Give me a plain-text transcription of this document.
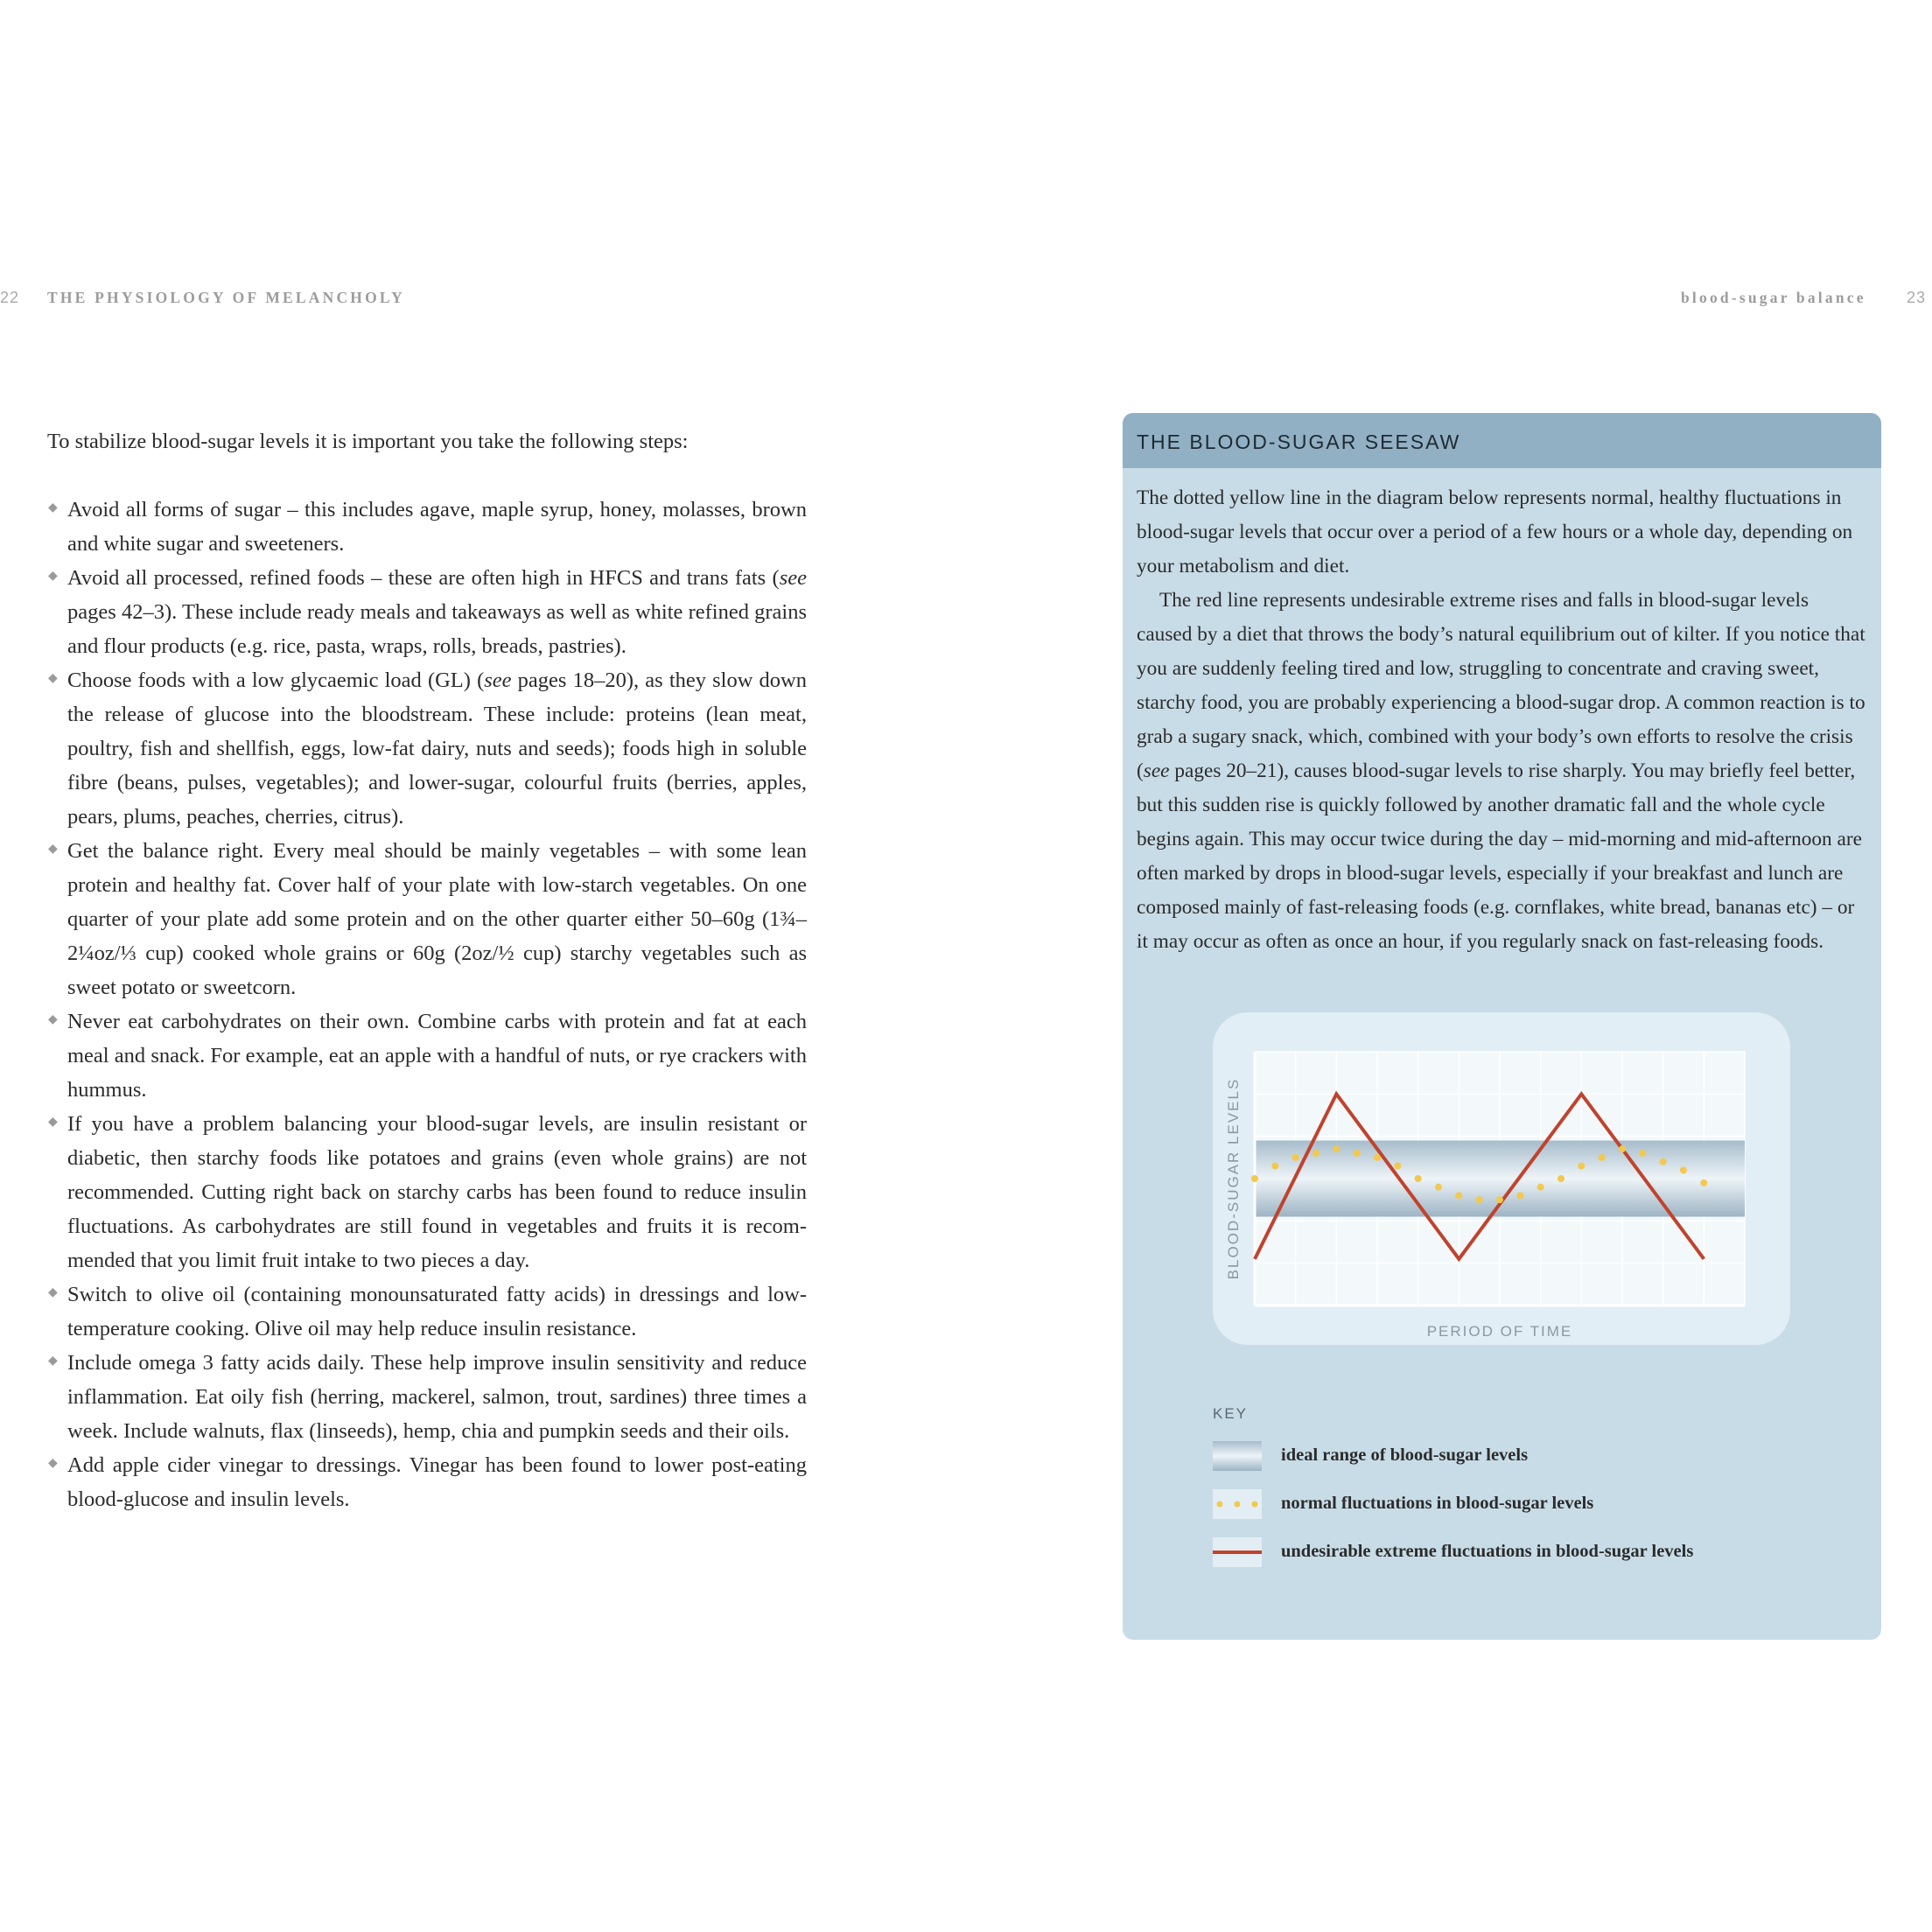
22 THE PHYSIOLOGY OF MELANCHOLY	blood-sugar balance	23

To stabilize blood-sugar levels it is important you take the following steps:

◆ Avoid all forms of sugar – this includes agave, maple syrup, honey, molasses, brown and white sugar and sweeteners.
◆ Avoid all processed, refined foods – these are often high in HFCS and trans fats (see pages 42–3). These include ready meals and takeaways as well as white refined grains and flour products (e.g. rice, pasta, wraps, rolls, breads, pastries).
◆ Choose foods with a low glycaemic load (GL) (see pages 18–20), as they slow down the release of glucose into the bloodstream. These include: proteins (lean meat, poultry, fish and shellfish, eggs, low-fat dairy, nuts and seeds); foods high in soluble fibre (beans, pulses, vegetables); and lower-sugar, colourful fruits (berries, apples, pears, plums, peaches, cherries, citrus).
◆ Get the balance right. Every meal should be mainly vegetables – with some lean protein and healthy fat. Cover half of your plate with low-starch vegetables. On one quarter of your plate add some protein and on the other quarter either 50–60g (1¾–2¼oz/⅓ cup) cooked whole grains or 60g (2oz/½ cup) starchy vegetables such as sweet potato or sweetcorn.
◆ Never eat carbohydrates on their own. Combine carbs with protein and fat at each meal and snack. For example, eat an apple with a handful of nuts, or rye crackers with hummus.
◆ If you have a problem balancing your blood-sugar levels, are insulin resistant or diabetic, then starchy foods like potatoes and grains (even whole grains) are not recommended. Cutting right back on starchy carbs has been found to reduce insulin fluctuations. As carbohydrates are still found in vegetables and fruits it is recom-mended that you limit fruit intake to two pieces a day.
◆ Switch to olive oil (containing monounsaturated fatty acids) in dressings and low-temperature cooking. Olive oil may help reduce insulin resistance.
◆ Include omega 3 fatty acids daily. These help improve insulin sensitivity and reduce inflammation. Eat oily fish (herring, mackerel, salmon, trout, sardines) three times a week. Include walnuts, flax (linseeds), hemp, chia and pumpkin seeds and their oils.
◆ Add apple cider vinegar to dressings. Vinegar has been found to lower post-eating blood-glucose and insulin levels.
THE BLOOD-SUGAR SEESAW

The dotted yellow line in the diagram below represents normal, healthy fluctuations in blood-sugar levels that occur over a period of a few hours or a whole day, depending on your metabolism and diet.

The red line represents undesirable extreme rises and falls in blood-sugar levels caused by a diet that throws the body’s natural equilibrium out of kilter. If you notice that you are suddenly feeling tired and low, struggling to concentrate and craving sweet, starchy food, you are probably experiencing a blood-sugar drop. A common reaction is to grab a sugary snack, which, combined with your body’s own efforts to resolve the crisis (see pages 20–21), causes blood-sugar levels to rise sharply. You may briefly feel better, but this sudden rise is quickly followed by another dramatic fall and the whole cycle begins again. This may occur twice during the day – mid-morning and mid-afternoon are often marked by drops in blood-sugar levels, especially if your breakfast and lunch are composed mainly of fast-releasing foods (e.g. cornflakes, white bread, bananas etc) – or it may occur as often as once an hour, if you regularly snack on fast-releasing foods.

BLOOD-SUGAR LEVELS
PERIOD OF TIME
KEY
ideal range of blood-sugar levels
normal fluctuations in blood-sugar levels
undesirable extreme fluctuations in blood-sugar levels
